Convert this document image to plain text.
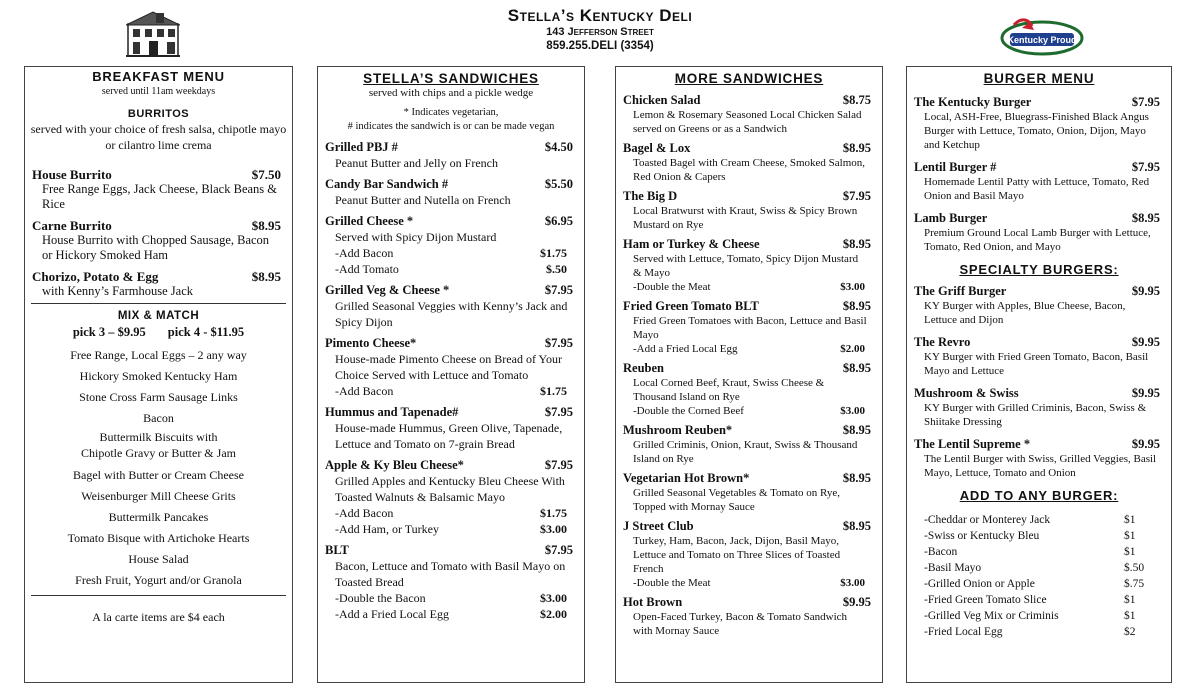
Stella’s Kentucky Deli
143 Jefferson Street
859.255.DELI (3354)	Kentucky Proud
BREAKFAST MENU
served until 11am weekdays
BURRITOS
served with your choice of fresh salsa, chipotle mayo or cilantro lime crema
House Burrito	$7.50
Free Range Eggs, Jack Cheese, Black Beans & Rice
Carne Burrito	$8.95
House Burrito with Chopped Sausage, Bacon or Hickory Smoked Ham
Chorizo, Potato & Egg	$8.95
with Kenny’s Farmhouse Jack
MIX & MATCH
pick 3 – $9.95 pick 4 - $11.95
Free Range, Local Eggs – 2 any way
Hickory Smoked Kentucky Ham
Stone Cross Farm Sausage Links
Bacon
Buttermilk Biscuits with
Chipotle Gravy or Butter & Jam
Bagel with Butter or Cream Cheese
Weisenburger Mill Cheese Grits
Buttermilk Pancakes
Tomato Bisque with Artichoke Hearts
House Salad
Fresh Fruit, Yogurt and/or Granola
A la carte items are $4 each
STELLA’S SANDWICHES
served with chips and a pickle wedge
* Indicates vegetarian,
# indicates the sandwich is or can be made vegan
Grilled PBJ #	$4.50
Peanut Butter and Jelly on French
Candy Bar Sandwich #	$5.50
Peanut Butter and Nutella on French
Grilled Cheese *	$6.95
Served with Spicy Dijon Mustard
-Add Bacon	$1.75
-Add Tomato	$.50
Grilled Veg & Cheese *	$7.95
Grilled Seasonal Veggies with Kenny’s Jack and Spicy Dijon
Pimento Cheese*	$7.95
House-made Pimento Cheese on Bread of Your Choice Served with Lettuce and Tomato
-Add Bacon	$1.75
Hummus and Tapenade#	$7.95
House-made Hummus, Green Olive, Tapenade, Lettuce and Tomato on 7-grain Bread
Apple & Ky Bleu Cheese*	$7.95
Grilled Apples and Kentucky Bleu Cheese With Toasted Walnuts & Balsamic Mayo
-Add Bacon	$1.75
-Add Ham, or Turkey	$3.00
BLT	$7.95
Bacon, Lettuce and Tomato with Basil Mayo on Toasted Bread
-Double the Bacon	$3.00
-Add a Fried Local Egg	$2.00
MORE SANDWICHES
Chicken Salad	$8.75
Lemon & Rosemary Seasoned Local Chicken Salad served on Greens or as a Sandwich
Bagel & Lox	$8.95
Toasted Bagel with Cream Cheese, Smoked Salmon, Red Onion & Capers
The Big D	$7.95
Local Bratwurst with Kraut, Swiss & Spicy Brown Mustard on Rye
Ham or Turkey & Cheese	$8.95
Served with Lettuce, Tomato, Spicy Dijon Mustard & Mayo
-Double the Meat	$3.00
Fried Green Tomato BLT	$8.95
Fried Green Tomatoes with Bacon, Lettuce and Basil Mayo
-Add a Fried Local Egg	$2.00
Reuben	$8.95
Local Corned Beef, Kraut, Swiss Cheese & Thousand Island on Rye
-Double the Corned Beef	$3.00
Mushroom Reuben*	$8.95
Grilled Criminis, Onion, Kraut, Swiss & Thousand Island on Rye
Vegetarian Hot Brown*	$8.95
Grilled Seasonal Vegetables & Tomato on Rye, Topped with Mornay Sauce
J Street Club	$8.95
Turkey, Ham, Bacon, Jack, Dijon, Basil Mayo, Lettuce and Tomato on Three Slices of Toasted French
-Double the Meat	$3.00
Hot Brown	$9.95
Open-Faced Turkey, Bacon & Tomato Sandwich with Mornay Sauce
BURGER MENU
The Kentucky Burger	$7.95
Local, ASH-Free, Bluegrass-Finished Black Angus Burger with Lettuce, Tomato, Onion, Dijon, Mayo and Ketchup
Lentil Burger #	$7.95
Homemade Lentil Patty with Lettuce, Tomato, Red Onion and Basil Mayo
Lamb Burger	$8.95
Premium Ground Local Lamb Burger with Lettuce, Tomato, Red Onion, and Mayo
SPECIALTY BURGERS:
The Griff Burger	$9.95
KY Burger with Apples, Blue Cheese, Bacon, Lettuce and Dijon
The Revro	$9.95
KY Burger with Fried Green Tomato, Bacon, Basil Mayo and Lettuce
Mushroom & Swiss	$9.95
KY Burger with Grilled Criminis, Bacon, Swiss & Shiitake Dressing
The Lentil Supreme *	$9.95
The Lentil Burger with Swiss, Grilled Veggies, Basil Mayo, Lettuce, Tomato and Onion
ADD TO ANY BURGER:
-Cheddar or Monterey Jack	$1
-Swiss or Kentucky Bleu	$1
-Bacon	$1
-Basil Mayo	$.50
-Grilled Onion or Apple	$.75
-Fried Green Tomato Slice	$1
-Grilled Veg Mix or Criminis	$1
-Fried Local Egg	$2
